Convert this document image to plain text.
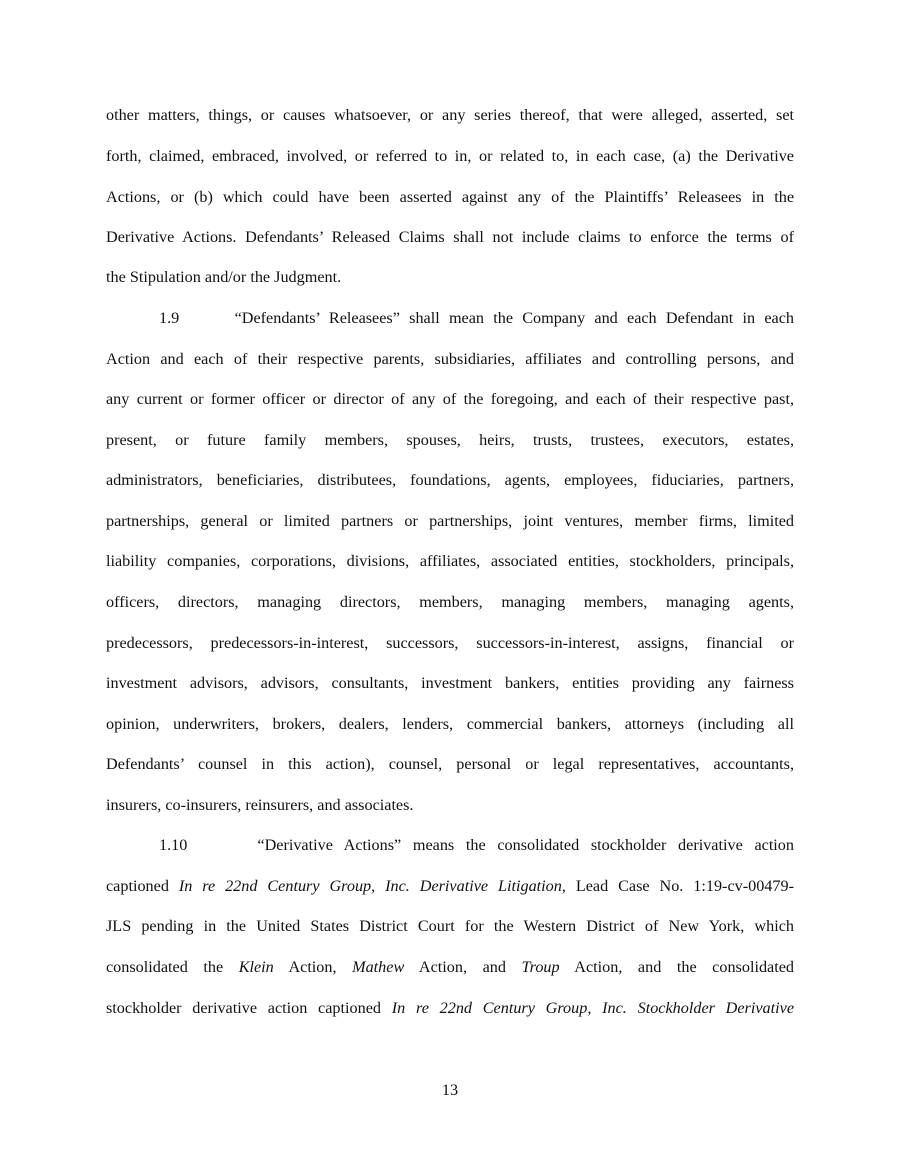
other matters, things, or causes whatsoever, or any series thereof, that were alleged, asserted, set
forth, claimed, embraced, involved, or referred to in, or related to, in each case, (a) the Derivative
Actions, or (b) which could have been asserted against any of the Plaintiffs’ Releasees in the
Derivative Actions. Defendants’ Released Claims shall not include claims to enforce the terms of
the Stipulation and/or the Judgment.
1.9      “Defendants’ Releasees” shall mean the Company and each Defendant in each
Action and each of their respective parents, subsidiaries, affiliates and controlling persons, and
any current or former officer or director of any of the foregoing, and each of their respective past,
present, or future family members, spouses, heirs, trusts, trustees, executors, estates,
administrators, beneficiaries, distributees, foundations, agents, employees, fiduciaries, partners,
partnerships, general or limited partners or partnerships, joint ventures, member firms, limited
liability companies, corporations, divisions, affiliates, associated entities, stockholders, principals,
officers, directors, managing directors, members, managing members, managing agents,
predecessors, predecessors-in-interest, successors, successors-in-interest, assigns, financial or
investment advisors, advisors, consultants, investment bankers, entities providing any fairness
opinion, underwriters, brokers, dealers, lenders, commercial bankers, attorneys (including all
Defendants’ counsel in this action), counsel, personal or legal representatives, accountants,
insurers, co-insurers, reinsurers, and associates.
1.10      “Derivative Actions” means the consolidated stockholder derivative action
captioned In re 22nd Century Group, Inc. Derivative Litigation, Lead Case No. 1:19-cv-00479-
JLS pending in the United States District Court for the Western District of New York, which
consolidated the Klein Action, Mathew Action, and Troup Action, and the consolidated
stockholder derivative action captioned In re 22nd Century Group, Inc. Stockholder Derivative
13
